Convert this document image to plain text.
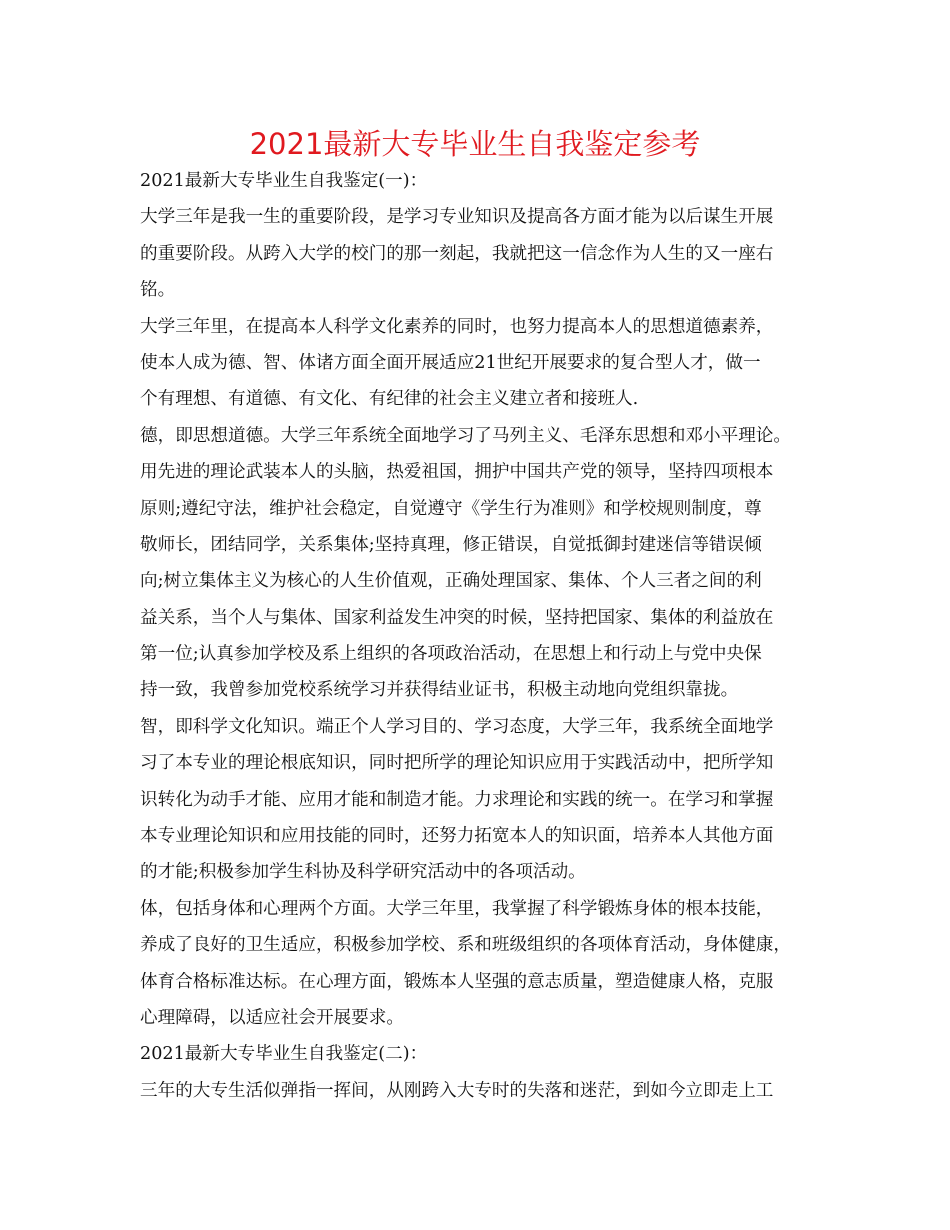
2021最新大专毕业生自我鉴定参考

2021最新大专毕业生自我鉴定(一)：

大学三年是我一生的重要阶段，是学习专业知识及提高各方面才能为以后谋生开展

的重要阶段。从跨入大学的校门的那一刻起，我就把这一信念作为人生的又一座右

铭。

大学三年里，在提高本人科学文化素养的同时，也努力提高本人的思想道德素养，

使本人成为德、智、体诸方面全面开展适应21世纪开展要求的复合型人才，做一

个有理想、有道德、有文化、有纪律的社会主义建立者和接班人.

德，即思想道德。大学三年系统全面地学习了马列主义、毛泽东思想和邓小平理论。

用先进的理论武装本人的头脑，热爱祖国，拥护中国共产党的领导，坚持四项根本

原则;遵纪守法，维护社会稳定，自觉遵守《学生行为准则》和学校规则制度，尊

敬师长，团结同学，关系集体;坚持真理，修正错误，自觉抵御封建迷信等错误倾

向;树立集体主义为核心的人生价值观，正确处理国家、集体、个人三者之间的利

益关系，当个人与集体、国家利益发生冲突的时候，坚持把国家、集体的利益放在

第一位;认真参加学校及系上组织的各项政治活动，在思想上和行动上与党中央保

持一致，我曾参加党校系统学习并获得结业证书，积极主动地向党组织靠拢。

智，即科学文化知识。端正个人学习目的、学习态度，大学三年，我系统全面地学

习了本专业的理论根底知识，同时把所学的理论知识应用于实践活动中，把所学知

识转化为动手才能、应用才能和制造才能。力求理论和实践的统一。在学习和掌握

本专业理论知识和应用技能的同时，还努力拓宽本人的知识面，培养本人其他方面

的才能;积极参加学生科协及科学研究活动中的各项活动。

体，包括身体和心理两个方面。大学三年里，我掌握了科学锻炼身体的根本技能，

养成了良好的卫生适应，积极参加学校、系和班级组织的各项体育活动，身体健康，

体育合格标准达标。在心理方面，锻炼本人坚强的意志质量，塑造健康人格，克服

心理障碍，以适应社会开展要求。

2021最新大专毕业生自我鉴定(二)：

三年的大专生活似弹指一挥间，从刚跨入大专时的失落和迷茫，到如今立即走上工
